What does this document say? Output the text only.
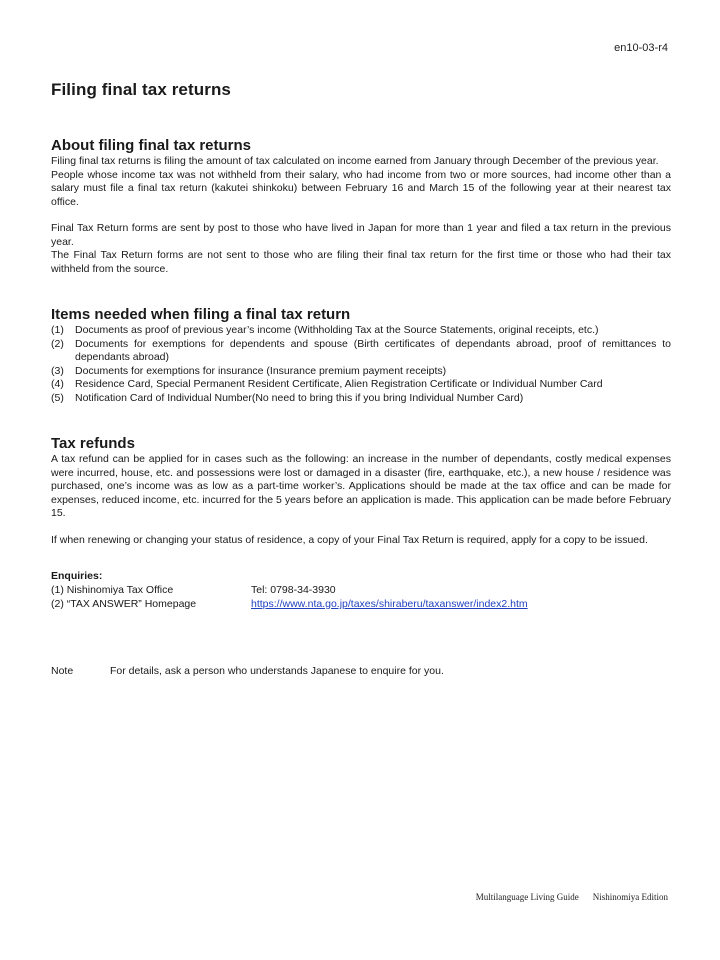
en10-03-r4
Filing final tax returns
About filing final tax returns

Filing final tax returns is filing the amount of tax calculated on income earned from January through December of the previous year.

People whose income tax was not withheld from their salary, who had income from two or more sources, had income other than a salary must file a final tax return (kakutei shinkoku) between February 16 and March 15 of the following year at their nearest tax office.

Final Tax Return forms are sent by post to those who have lived in Japan for more than 1 year and filed a tax return in the previous year.

The Final Tax Return forms are not sent to those who are filing their final tax return for the first time or those who had their tax withheld from the source.

Items needed when filing a final tax return
(1) Documents as proof of previous year’s income (Withholding Tax at the Source Statements, original receipts, etc.)
(2) Documents for exemptions for dependents and spouse (Birth certificates of dependants abroad, proof of remittances to dependants abroad)
(3) Documents for exemptions for insurance (Insurance premium payment receipts)
(4) Residence Card, Special Permanent Resident Certificate, Alien Registration Certificate or Individual Number Card
(5) Notification Card of Individual Number(No need to bring this if you bring Individual Number Card)
Tax refunds

A tax refund can be applied for in cases such as the following: an increase in the number of dependants, costly medical expenses were incurred, house, etc. and possessions were lost or damaged in a disaster (fire, earthquake, etc.), a new house / residence was purchased, one’s income was as low as a part-time worker’s. Applications should be made at the tax office and can be made for expenses, reduced income, etc. incurred for the 5 years before an application is made. This application can be made before February 15.

If when renewing or changing your status of residence, a copy of your Final Tax Return is required, apply for a copy to be issued.

Enquiries:
(1) Nishinomiya Tax Office	Tel: 0798-34-3930
(2) “TAX ANSWER” Homepage	https://www.nta.go.jp/taxes/shiraberu/taxanswer/index2.htm
Note	For details, ask a person who understands Japanese to enquire for you.
Multilanguage Living Guide Nishinomiya Edition
